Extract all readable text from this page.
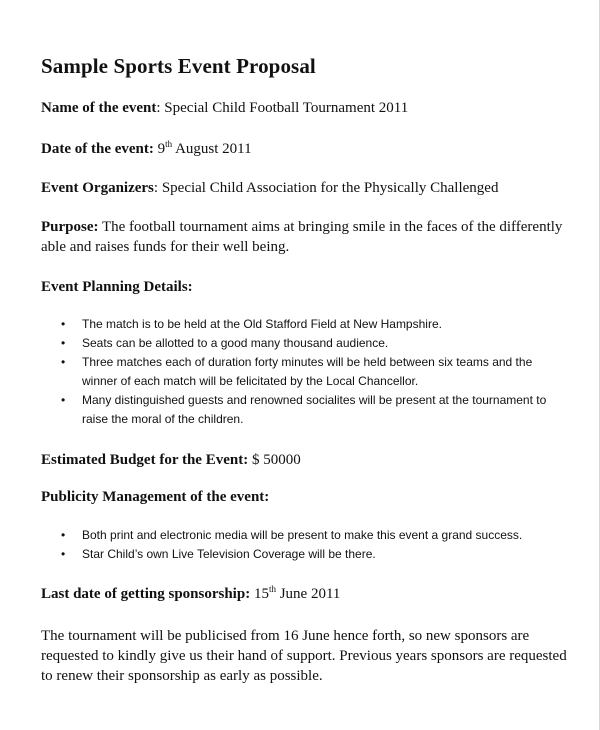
Sample Sports Event Proposal
Name of the event: Special Child Football Tournament 2011
Date of the event: 9th August 2011
Event Organizers: Special Child Association for the Physically Challenged
Purpose: The football tournament aims at bringing smile in the faces of the differently able and raises funds for their well being.
Event Planning Details:
• The match is to be held at the Old Stafford Field at New Hampshire.
• Seats can be allotted to a good many thousand audience.
• Three matches each of duration forty minutes will be held between six teams and the winner of each match will be felicitated by the Local Chancellor.
• Many distinguished guests and renowned socialites will be present at the tournament to raise the moral of the children.
Estimated Budget for the Event: $ 50000
Publicity Management of the event:
• Both print and electronic media will be present to make this event a grand success.
• Star Child’s own Live Television Coverage will be there.
Last date of getting sponsorship: 15th June 2011
The tournament will be publicised from 16 June hence forth, so new sponsors are requested to kindly give us their hand of support. Previous years sponsors are requested to renew their sponsorship as early as possible.
